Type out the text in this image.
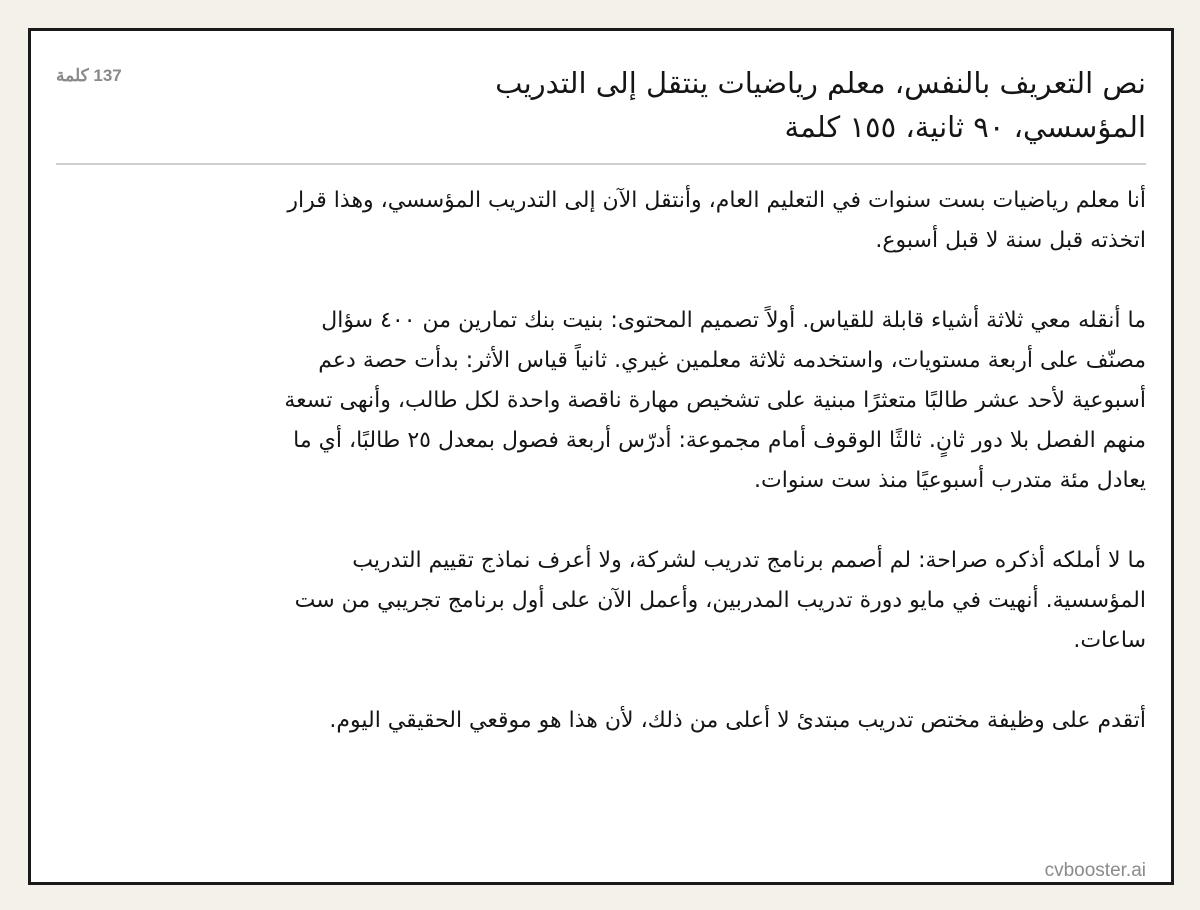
نص التعريف بالنفس، معلم رياضيات ينتقل إلى التدريب المؤسسي، ٩٠ ثانية، ١٥٥ كلمة
137 كلمة

أنا معلم رياضيات بست سنوات في التعليم العام، وأنتقل الآن إلى التدريب المؤسسي، وهذا قرار اتخذته قبل سنة لا قبل أسبوع.

ما أنقله معي ثلاثة أشياء قابلة للقياس. أولاً تصميم المحتوى: بنيت بنك تمارين من ٤٠٠ سؤال مصنّف على أربعة مستويات، واستخدمه ثلاثة معلمين غيري. ثانياً قياس الأثر: بدأت حصة دعم أسبوعية لأحد عشر طالبًا متعثرًا مبنية على تشخيص مهارة ناقصة واحدة لكل طالب، وأنهى تسعة منهم الفصل بلا دور ثانٍ. ثالثًا الوقوف أمام مجموعة: أدرّس أربعة فصول بمعدل ٢٥ طالبًا، أي ما يعادل مئة متدرب أسبوعيًا منذ ست سنوات.

ما لا أملكه أذكره صراحة: لم أصمم برنامج تدريب لشركة، ولا أعرف نماذج تقييم التدريب المؤسسية. أنهيت في مايو دورة تدريب المدربين، وأعمل الآن على أول برنامج تجريبي من ست ساعات.

أتقدم على وظيفة مختص تدريب مبتدئ لا أعلى من ذلك، لأن هذا هو موقعي الحقيقي اليوم.

cvbooster.ai
